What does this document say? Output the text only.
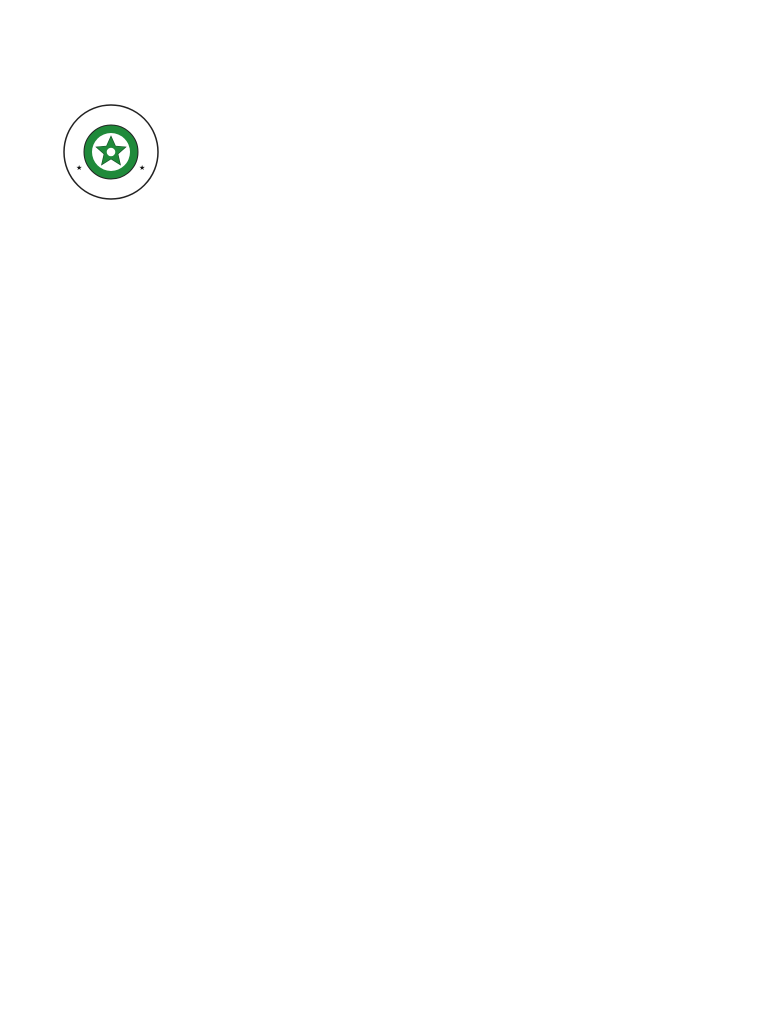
★	★
